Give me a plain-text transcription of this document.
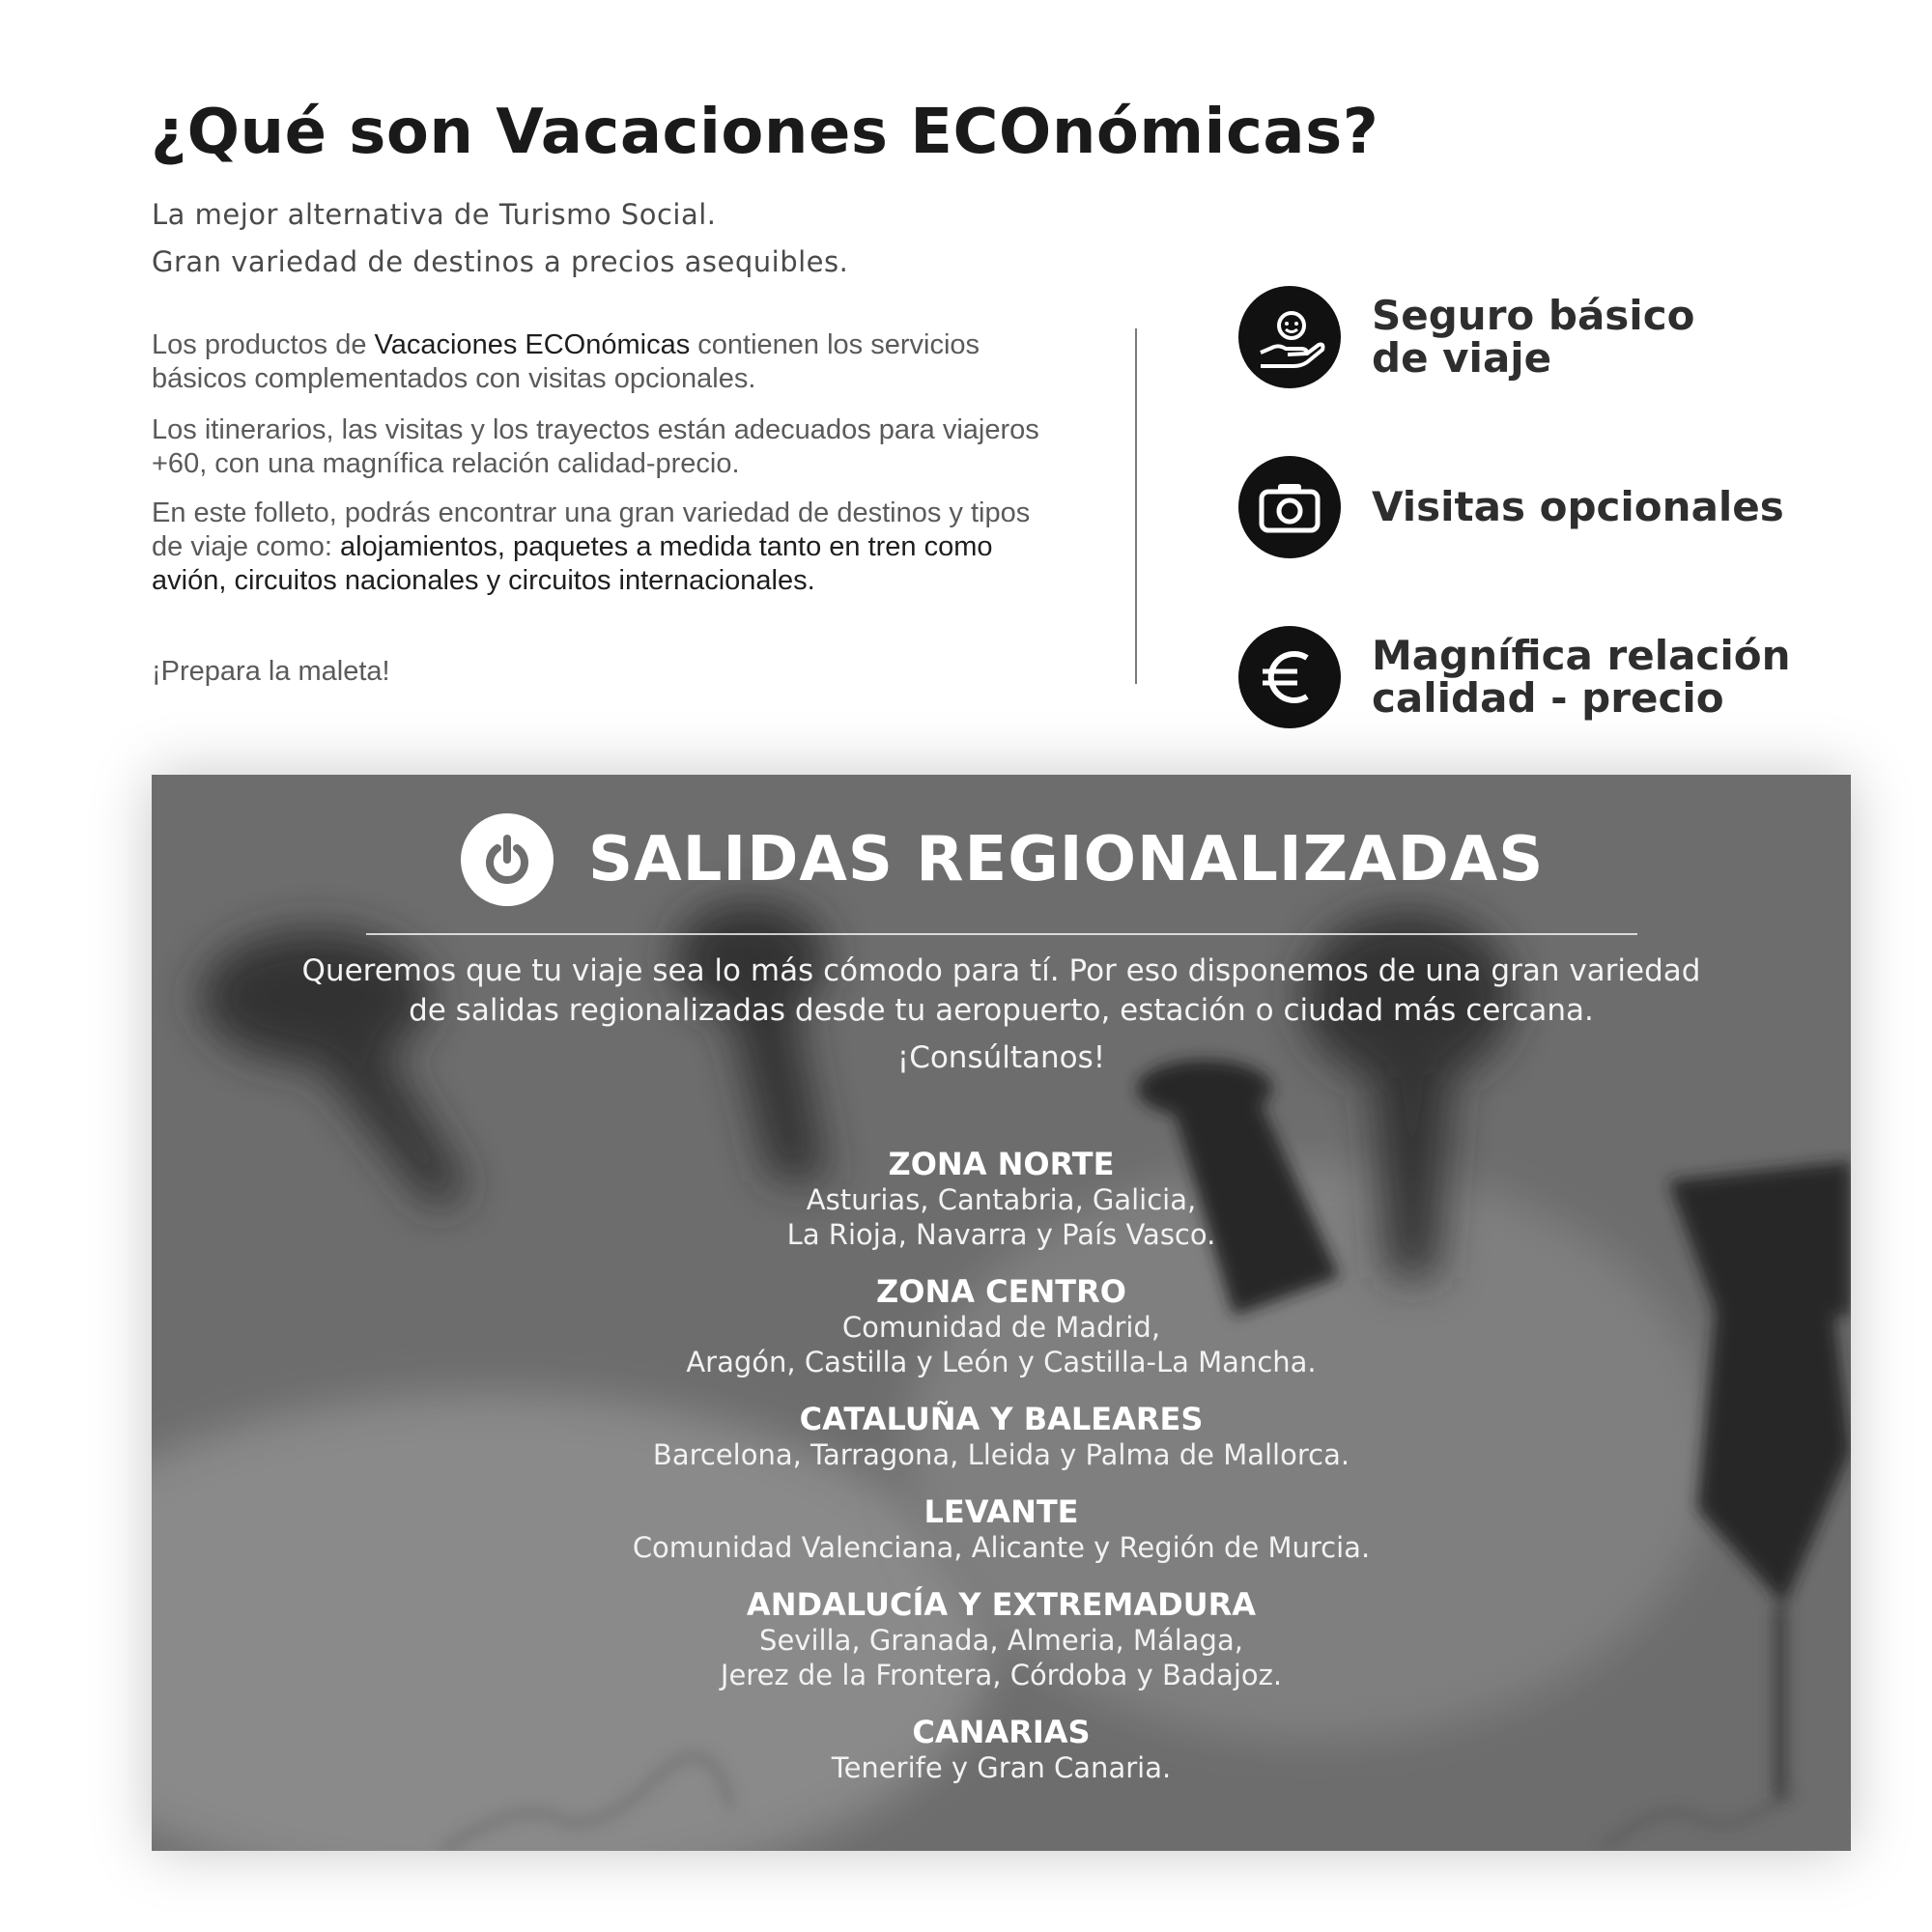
¿Qué son Vacaciones ECOnómicas?
La mejor alternativa de Turismo Social.
Gran variedad de destinos a precios asequibles.

Los productos de Vacaciones ECOnómicas contienen los servicios básicos complementados con visitas opcionales.

Los itinerarios, las visitas y los trayectos están adecuados para viajeros +60, con una magnífica relación calidad-precio.

En este folleto, podrás encontrar una gran variedad de destinos y tipos de viaje como: alojamientos, paquetes a medida tanto en tren como avión, circuitos nacionales y circuitos internacionales.

¡Prepara la maleta!

Seguro básico
de viaje
Visitas opcionales
Magnífica relación
calidad - precio
SALIDAS REGIONALIZADAS
Queremos que tu viaje sea lo más cómodo para tí. Por eso disponemos de una gran variedad
de salidas regionalizadas desde tu aeropuerto, estación o ciudad más cercana.
¡Consúltanos!
ZONA NORTE
Asturias, Cantabria, Galicia,
La Rioja, Navarra y País Vasco.
ZONA CENTRO
Comunidad de Madrid,
Aragón, Castilla y León y Castilla-La Mancha.
CATALUÑA Y BALEARES
Barcelona, Tarragona, Lleida y Palma de Mallorca.
LEVANTE
Comunidad Valenciana, Alicante y Región de Murcia.
ANDALUCÍA Y EXTREMADURA
Sevilla, Granada, Almeria, Málaga,
Jerez de la Frontera, Córdoba y Badajoz.
CANARIAS
Tenerife y Gran Canaria.
